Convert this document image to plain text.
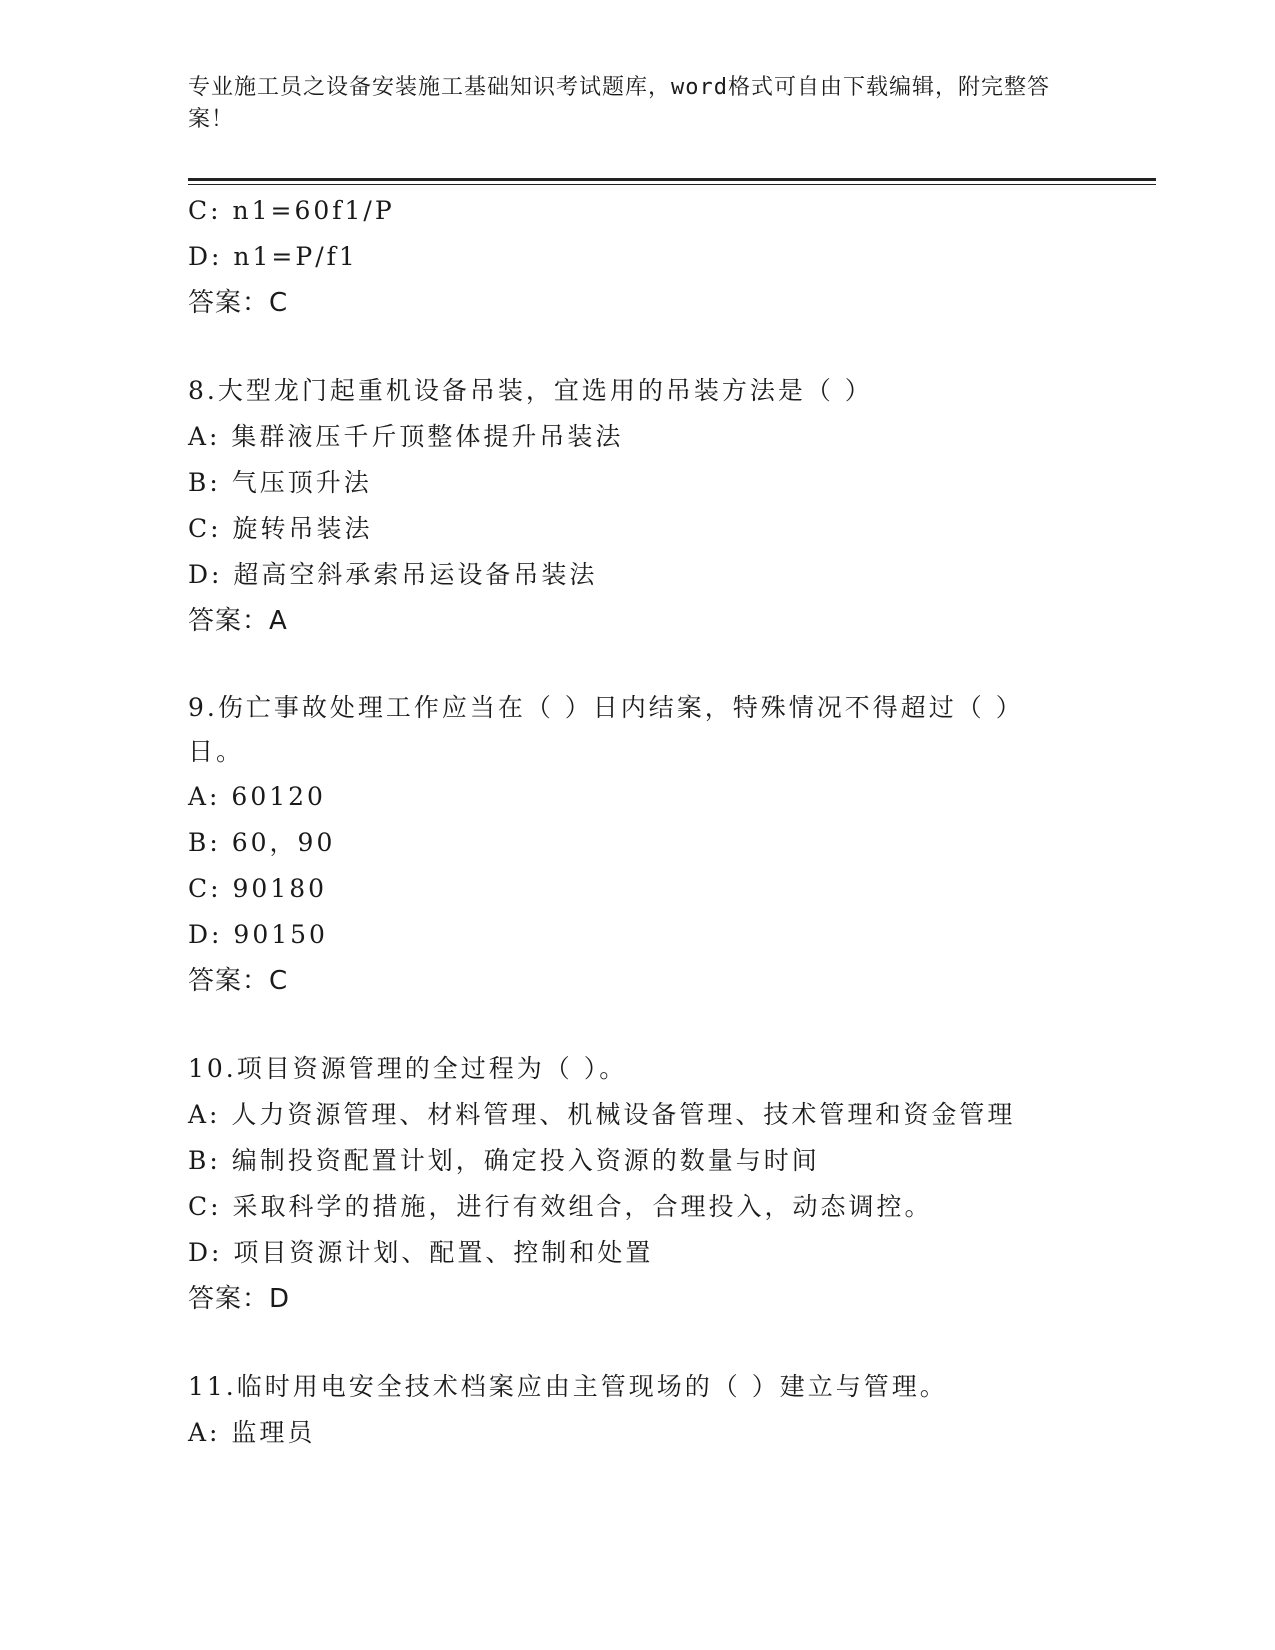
专业施工员之设备安装施工基础知识考试题库，word格式可自由下载编辑，附完整答案！
C: n1=60f1/P
D: n1=P/f1
答案：C
8.大型龙门起重机设备吊装，宜选用的吊装方法是（ ）
A: 集群液压千斤顶整体提升吊装法
B: 气压顶升法
C: 旋转吊装法
D: 超高空斜承索吊运设备吊装法
答案：A
9.伤亡事故处理工作应当在（ ）日内结案，特殊情况不得超过（ ）日。
A: 60120
B: 60，90
C: 90180
D: 90150
答案：C
10.项目资源管理的全过程为（ ）。
A: 人力资源管理、材料管理、机械设备管理、技术管理和资金管理
B: 编制投资配置计划，确定投入资源的数量与时间
C: 采取科学的措施，进行有效组合，合理投入，动态调控。
D: 项目资源计划、配置、控制和处置
答案：D
11.临时用电安全技术档案应由主管现场的（ ）建立与管理。
A: 监理员
